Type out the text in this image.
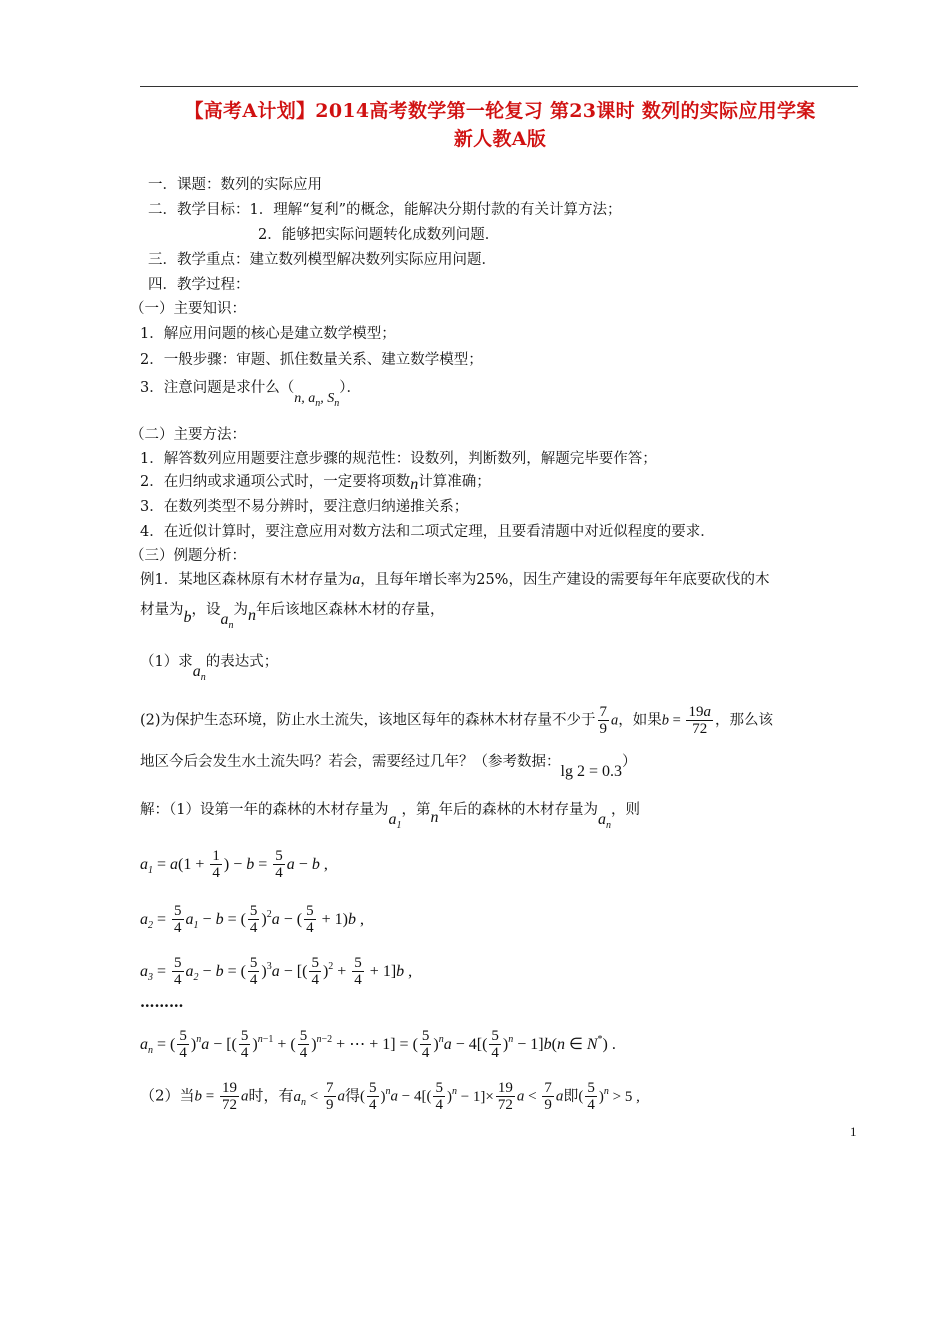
【高考A计划】2014高考数学第一轮复习 第23课时 数列的实际应用学案
新人教A版
一．课题：数列的实际应用
二．教学目标：1．理解“复利”的概念，能解决分期付款的有关计算方法；
2．能够把实际问题转化成数列问题．
三．教学重点：建立数列模型解决数列实际应用问题．
四．教学过程：
（一）主要知识：
1．解应用问题的核心是建立数学模型；
2．一般步骤：审题、抓住数量关系、建立数学模型；
3．注意问题是求什么（n, $a_n$, $S_n$）．
（二）主要方法：
1．解答数列应用题要注意步骤的规范性：设数列，判断数列，解题完毕要作答；
2．在归纳或求通项公式时，一定要将项数n计算准确；
3．在数列类型不易分辨时，要注意归纳递推关系；
4．在近似计算时，要注意应用对数方法和二项式定理，且要看清题中对近似程度的要求．
（三）例题分析：
例1．某地区森林原有木材存量为a，且每年增长率为25%，因生产建设的需要每年年底要砍伐的木
材量为b，设$a_n$为n年后该地区森林木材的存量，
（1）求$a_n$的表达式；
(2)为保护生态环境，防止水土流失，该地区每年的森林木材存量不少于 $\frac{7}{9}$ a，如果$b = \frac{19a}{72}$ ，那么该
地区今后会发生水土流失吗？若会，需要经过几年？（参考数据：lg 2 = 0.3）
解：（1）设第一年的森林的木材存量为$a_1$，第n年后的森林的木材存量为$a_n$，则
$a_1 = a(1 + \frac{1}{4}$ ) − $b = \frac{5}{4}$ a − b ,
$a_2 = \frac{5}{4} a_1 - b$ = ( $\frac{5}{4} )^2a$ − ( $\frac{5}{4} + 1)b$ ,
$a_3 = \frac{5}{4} a_2 - b$ = ( $\frac{5}{4} )^3a$ − [( $\frac{5}{4} )^2 + \frac{5}{4} + 1]b$ ,
………
$a_n$ = ( $\frac{5}{4} )^na$ − [( $\frac{5}{4} )^{n-1}$ + ( $\frac{5}{4} )^{n-2}$ + ⋯ + 1] = ( $\frac{5}{4} )^na - 4[( \frac{5}{4} )^n - 1]b(n$ ∈ N*) .
（2）当$b = \frac{19}{72}$ a时，有$a_n < \frac{7}{9}$ a得( $\frac{5}{4} )^na - 4[( \frac{5}{4} )^n - 1]\times \frac{19}{72}$ $a < \frac{7}{9}$ a即( $\frac{5}{4} )^n > 5$ ,
1
